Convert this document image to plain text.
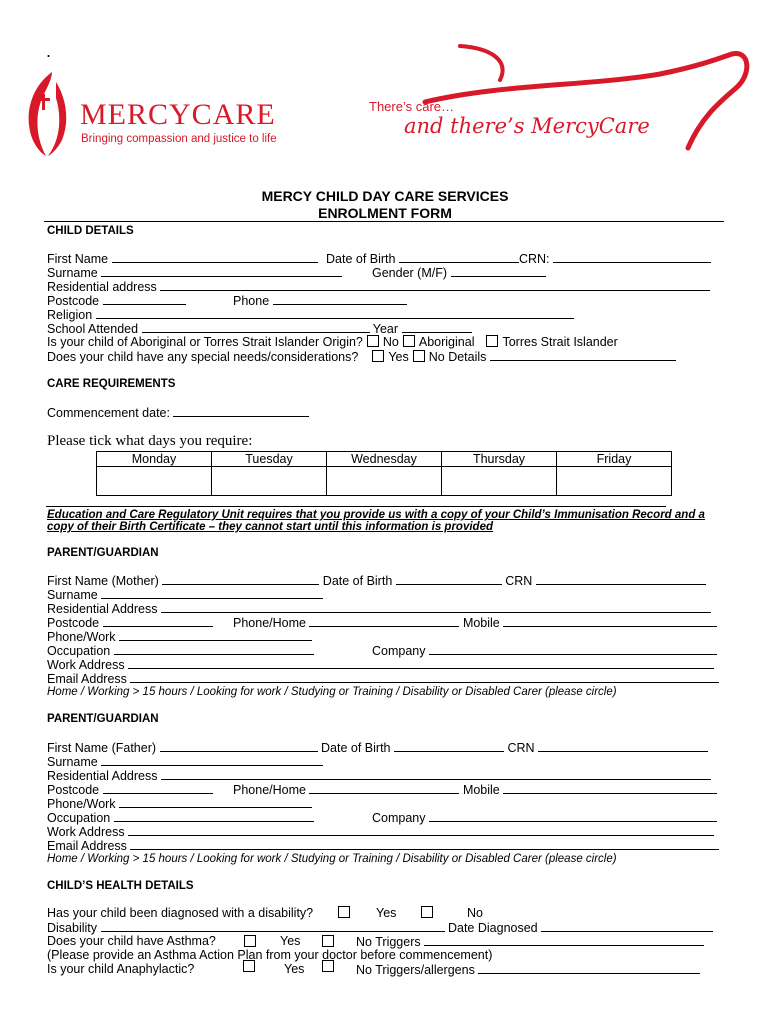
.
MERCYCARE
Bringing compassion and justice to life
There’s care…
and there’s MercyCare
MERCY CHILD DAY CARE SERVICES
ENROLMENT FORM
CHILD DETAILS
First Name	Date of Birth	CRN:
Surname	Gender (M/F)
Residential address
Postcode	Phone
Religion
School Attended	Year
Is your child of Aboriginal or Torres Strait Islander Origin? No Aboriginal Torres Strait Islander
Does your child have any special needs/considerations? Yes No Details
CARE REQUIREMENTS
Commencement date:
Please tick what days you require:
Monday	Tuesday	Wednesday	Thursday	Friday

Education and Care Regulatory Unit requires that you provide us with a copy of your Child’s Immunisation Record and a
copy of their Birth Certificate – they cannot start until this information is provided
PARENT/GUARDIAN
First Name (Mother)	Date of Birth	CRN
Surname
Residential Address
Postcode	Phone/Home	Mobile
Phone/Work
Occupation	Company
Work Address
Email Address
Home / Working > 15 hours / Looking for work / Studying or Training / Disability or Disabled Carer (please circle)
PARENT/GUARDIAN
First Name (Father)	Date of Birth	CRN
Surname
Residential Address
Postcode	Phone/Home	Mobile
Phone/Work
Occupation	Company
Work Address
Email Address
Home / Working > 15 hours / Looking for work / Studying or Training / Disability or Disabled Carer (please circle)
CHILD’S HEALTH DETAILS
Has your child been diagnosed with a disability?	Yes	No
Disability	Date Diagnosed
Does your child have Asthma?	Yes	No Triggers
(Please provide an Asthma Action Plan from your doctor before commencement)
Is your child Anaphylactic?	Yes	No Triggers/allergens
